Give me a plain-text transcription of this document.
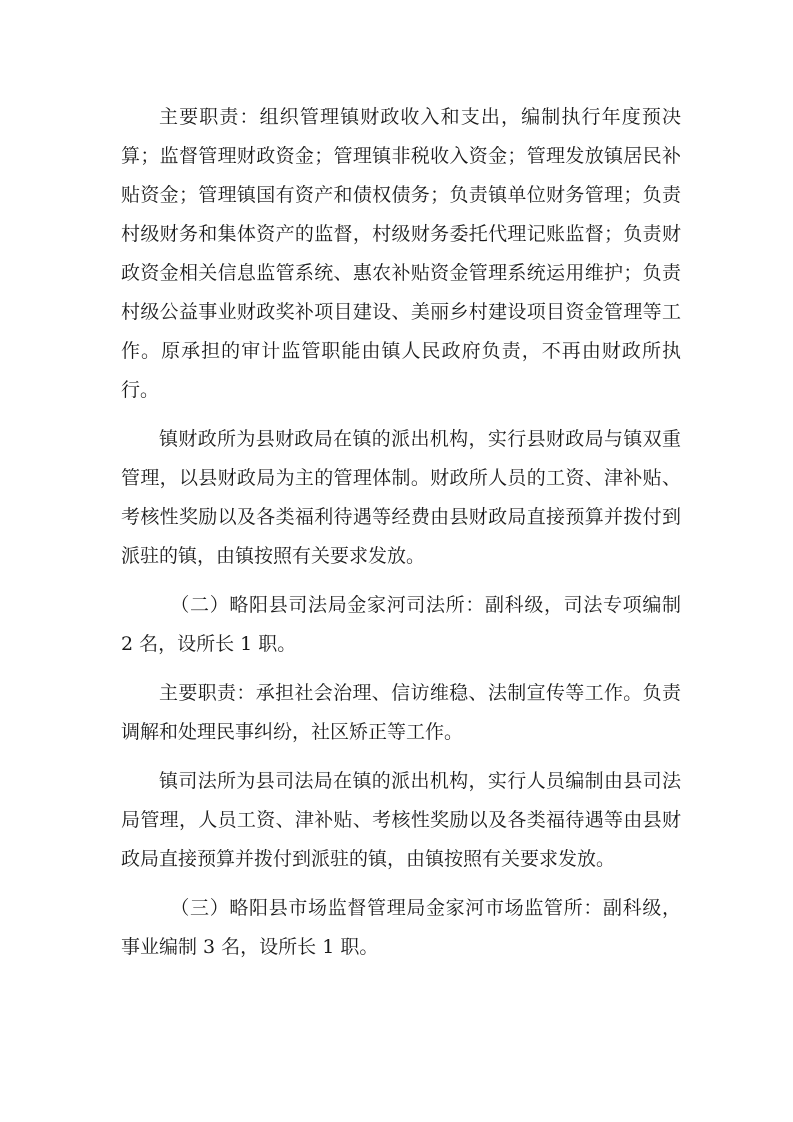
主要职责：组织管理镇财政收入和支出，编制执行年度预决算；监督管理财政资金；管理镇非税收入资金；管理发放镇居民补贴资金；管理镇国有资产和债权债务；负责镇单位财务管理；负责村级财务和集体资产的监督，村级财务委托代理记账监督；负责财政资金相关信息监管系统、惠农补贴资金管理系统运用维护；负责村级公益事业财政奖补项目建设、美丽乡村建设项目资金管理等工作。原承担的审计监管职能由镇人民政府负责，不再由财政所执行。

镇财政所为县财政局在镇的派出机构，实行县财政局与镇双重管理，以县财政局为主的管理体制。财政所人员的工资、津补贴、考核性奖励以及各类福利待遇等经费由县财政局直接预算并拨付到派驻的镇，由镇按照有关要求发放。

（二）略阳县司法局金家河司法所：副科级，司法专项编制 2 名，设所长 1 职。

主要职责：承担社会治理、信访维稳、法制宣传等工作。负责调解和处理民事纠纷，社区矫正等工作。

镇司法所为县司法局在镇的派出机构，实行人员编制由县司法局管理，人员工资、津补贴、考核性奖励以及各类福待遇等由县财政局直接预算并拨付到派驻的镇，由镇按照有关要求发放。

（三）略阳县市场监督管理局金家河市场监管所：副科级，事业编制 3 名，设所长 1 职。
